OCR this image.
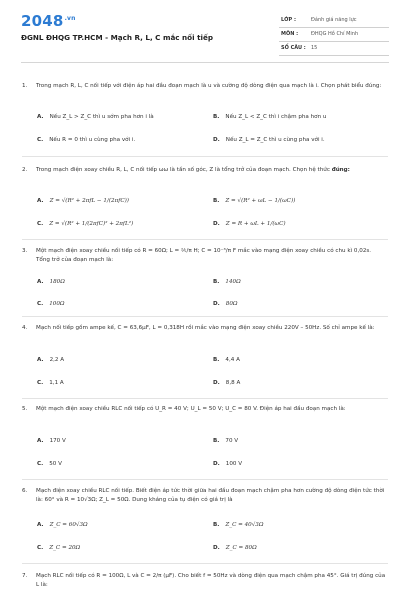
$2048^{.vn}$
ĐGNL ĐHQG TP.HCM - Mạch R, L, C mắc nối tiếp
LỚP :	Đánh giá năng lực
MÔN :	ĐHQG Hồ Chí Minh
SỐ CÂU : 15
1. Trong mạch R, L, C nối tiếp với điện áp hai đầu đoạn mạch là u và cường độ dòng điện qua mạch là i. Chọn phát biểu đúng:
A. Nếu Z_L > Z_C thì u sớm pha hơn i là	B. Nếu Z_L < Z_C thì i chậm pha hơn u
C. Nếu R = 0 thì u cùng pha với i.	D. Nếu Z_L = Z_C thì u cùng pha với i.
2. Trong mạch điện xoay chiều R, L, C nối tiếp ωω là tần số góc, Z là tổng trở của đoạn mạch. Chọn hệ thức đúng:
A. Z = √(R² + 2πfL − 1/(2πfC))	B. Z = √(R² + ωL − 1/(ωC))
C. Z = √(R² + 1/(2πfC)² + 2πfL²)	D. Z = R + ωL + 1/(ωC)
3. Một mạch điện xoay chiều nối tiếp có R = 60Ω; L = ⅖/π H; C = 10⁻³/π F mắc vào mạng điện xoay chiều có chu kì 0,02s. Tổng trở của đoạn mạch là:
A. 180Ω	B. 140Ω
C. 100Ω	D. 80Ω
4. Mạch nối tiếp gồm ampe kế, C = 63,6μF, L = 0,318H rồi mắc vào mạng điện xoay chiều 220V – 50Hz. Số chỉ ampe kế là:
A. 2,2 A	B. 4,4 A
C. 1,1 A	D. 8,8 A
5. Một mạch điện xoay chiều RLC nối tiếp có U_R = 40 V; U_L = 50 V; U_C = 80 V. Điện áp hai đầu đoạn mạch là:
A. 170 V	B. 70 V
C. 50 V	D. 100 V
6. Mạch điện xoay chiều RLC nối tiếp. Biết điện áp tức thời giữa hai đầu đoạn mạch chậm pha hơn cường độ dòng điện tức thời là: 60° và R = 10√3Ω; Z_L = 50Ω. Dung kháng của tụ điện có giá trị là
A. Z_C = 60√3Ω	B. Z_C = 40√3Ω
C. Z_C = 20Ω	D. Z_C = 80Ω
7. Mạch RLC nối tiếp có R = 100Ω, L và C = 2/π (μF). Cho biết f = 50Hz và dòng điện qua mạch chậm pha 45°. Giá trị đúng của L là:
